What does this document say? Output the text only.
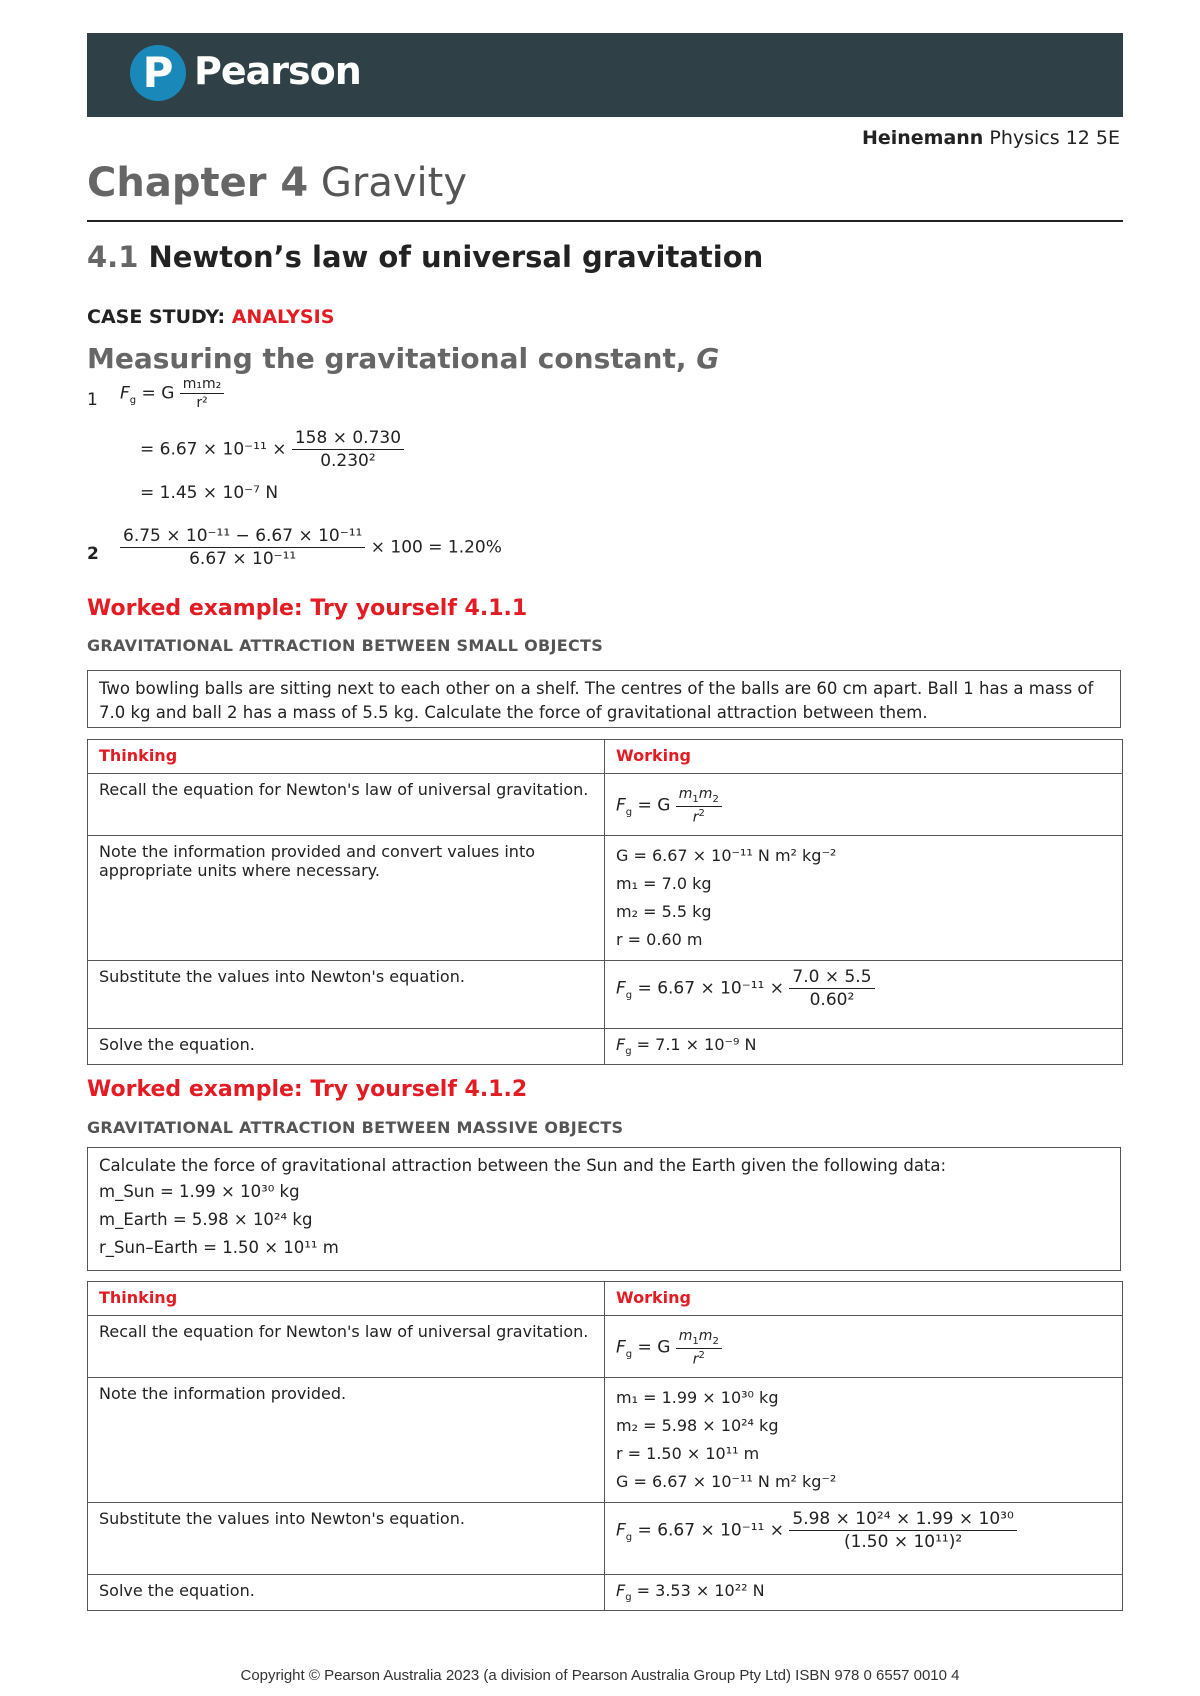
P Pearson
Heinemann Physics 12 5E
Chapter 4 Gravity
4.1 Newton’s law of universal gravitation
CASE STUDY: ANALYSIS
Measuring the gravitational constant, G
1 $F_g = G \frac{\text{m₁m₂}}{\text{r²}}$
= $6.67 \times 10^{-11} \times \frac{158 \times 0.730}{\text{0.230²}}$
= 1.45 × 10⁻⁷ N
$2 \frac{\text{6.75 × 10⁻¹¹ − 6.67 × 10⁻¹¹}}{\text{6.67 × 10⁻¹¹}} \times 100 = 1.20\%$
Worked example: Try yourself 4.1.1
GRAVITATIONAL ATTRACTION BETWEEN SMALL OBJECTS
Two bowling balls are sitting next to each other on a shelf. The centres of the balls are 60 cm apart. Ball 1 has a mass of 7.0 kg and ball 2 has a mass of 5.5 kg. Calculate the force of gravitational attraction between them.
Thinking	Working
Recall the equation for Newton's law of universal gravitation.	$F_g = G \frac{m_1m_2}{r^2}$

Note the information provided and convert values into appropriate units where necessary.	G = 6.67 × 10⁻¹¹ N m² kg⁻²
m₁ = 7.0 kg
m₂ = 5.5 kg
r = 0.60 m

Substitute the values into Newton's equation.	$F_g = 6.67 \times 10^{-11} \times \frac{7.0 \times 5.5}{\text{0.60²}}$

Solve the equation.	$F_g = 7.1 \times 10^{-9}$ N
Worked example: Try yourself 4.1.2
GRAVITATIONAL ATTRACTION BETWEEN MASSIVE OBJECTS
Calculate the force of gravitational attraction between the Sun and the Earth given the following data:
m_Sun = 1.99 × 10³⁰ kg
m_Earth = 5.98 × 10²⁴ kg
r_Sun–Earth = 1.50 × 10¹¹ m
Thinking	Working
Recall the equation for Newton's law of universal gravitation.	$F_g = G \frac{m_1m_2}{r^2}$

Note the information provided.	m₁ = 1.99 × 10³⁰ kg
m₂ = 5.98 × 10²⁴ kg
r = 1.50 × 10¹¹ m
G = 6.67 × 10⁻¹¹ N m² kg⁻²

Substitute the values into Newton's equation.	$F_g = 6.67 \times 10^{-11} \times \frac{\text{5.98 × 10²⁴ × 1.99 × 10³⁰}}{\text{(1.50 × 10¹¹)²}}$

Solve the equation.	$F_g = 3.53 \times 10^{22}$ N
Copyright © Pearson Australia 2023 (a division of Pearson Australia Group Pty Ltd) ISBN 978 0 6557 0010 4
